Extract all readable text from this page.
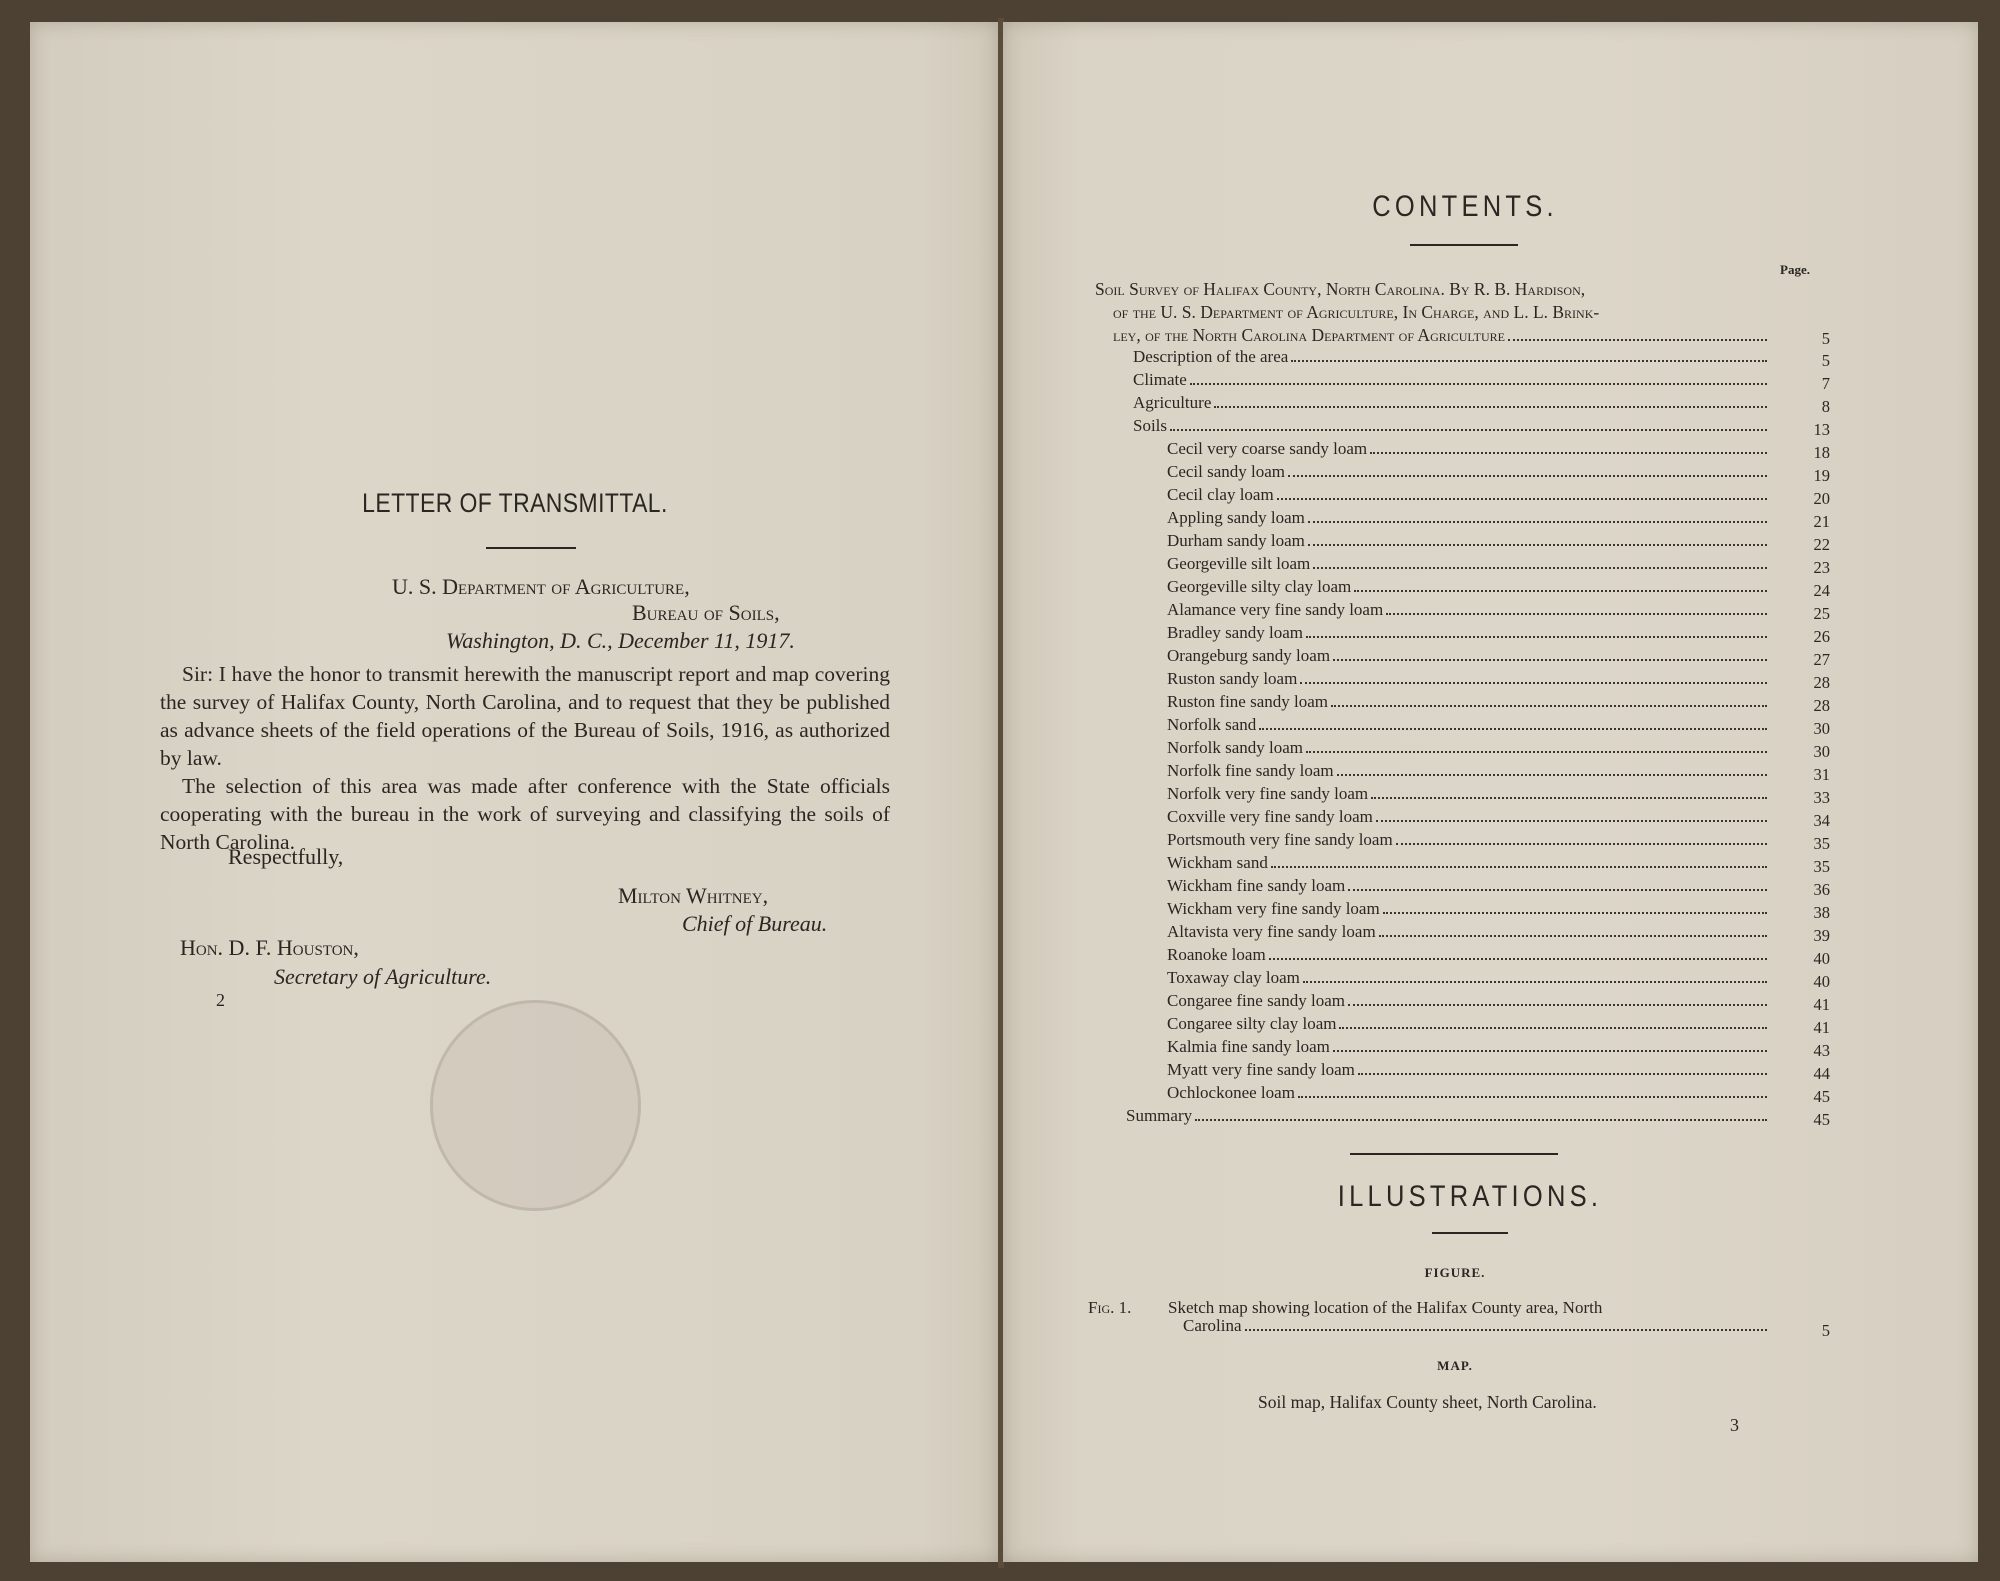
LETTER OF TRANSMITTAL.
U. S. Department of Agriculture,
Bureau of Soils,
Washington, D. C., December 11, 1917.

Sir: I have the honor to transmit herewith the manuscript report and map covering the survey of Halifax County, North Carolina, and to request that they be published as advance sheets of the field operations of the Bureau of Soils, 1916, as authorized by law.

The selection of this area was made after conference with the State officials cooperating with the bureau in the work of surveying and classifying the soils of North Carolina.

Respectfully,
Milton Whitney,
Chief of Bureau.
Hon. D. F. Houston,
Secretary of Agriculture.
2
CONTENTS.
Page.
Soil Survey of Halifax County, North Carolina. By R. B. Hardison,
of the U. S. Department of Agriculture, In Charge, and L. L. Brink-
ley, of the North Carolina Department of Agriculture	5
Description of the area	5
Climate	7
Agriculture	8
Soils	13
Cecil very coarse sandy loam	18
Cecil sandy loam	19
Cecil clay loam	20
Appling sandy loam	21
Durham sandy loam	22
Georgeville silt loam	23
Georgeville silty clay loam	24
Alamance very fine sandy loam	25
Bradley sandy loam	26
Orangeburg sandy loam	27
Ruston sandy loam	28
Ruston fine sandy loam	28
Norfolk sand	30
Norfolk sandy loam	30
Norfolk fine sandy loam	31
Norfolk very fine sandy loam	33
Coxville very fine sandy loam	34
Portsmouth very fine sandy loam	35
Wickham sand	35
Wickham fine sandy loam	36
Wickham very fine sandy loam	38
Altavista very fine sandy loam	39
Roanoke loam	40
Toxaway clay loam	40
Congaree fine sandy loam	41
Congaree silty clay loam	41
Kalmia fine sandy loam	43
Myatt very fine sandy loam	44
Ochlockonee loam	45
Summary	45
ILLUSTRATIONS.
FIGURE.
Fig. 1. Sketch map showing location of the Halifax County area, North
Carolina	5
MAP.
Soil map, Halifax County sheet, North Carolina.
3
